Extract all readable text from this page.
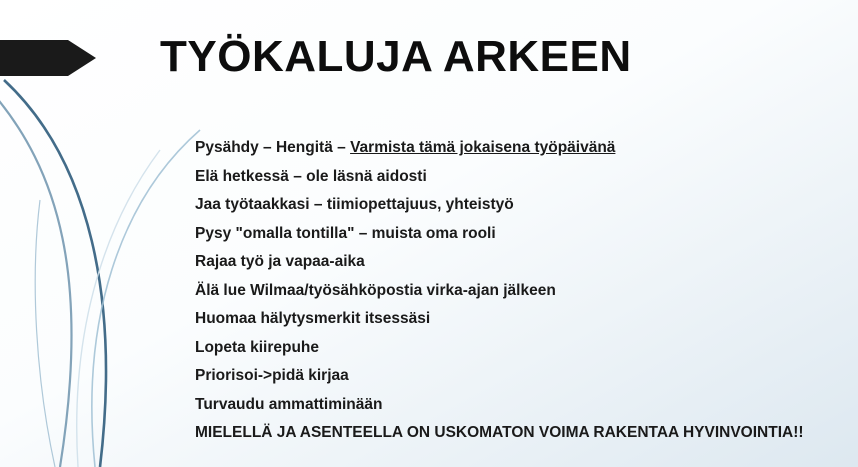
TYÖKALUJA ARKEEN
Pysähdy – Hengitä – Varmista tämä jokaisena työpäivänä
Elä hetkessä – ole läsnä aidosti
Jaa työtaakkasi – tiimiopettajuus, yhteistyö
Pysy "omalla tontilla" – muista oma rooli
Rajaa työ ja vapaa-aika
Älä lue Wilmaa/työsähköpostia virka-ajan jälkeen
Huomaa hälytysmerkit itsessäsi
Lopeta kiirepuhe
Priorisoi->pidä kirjaa
Turvaudu ammattiminään
MIELELLÄ JA ASENTEELLA ON USKOMATON VOIMA RAKENTAA HYVINVOINTIA!!
